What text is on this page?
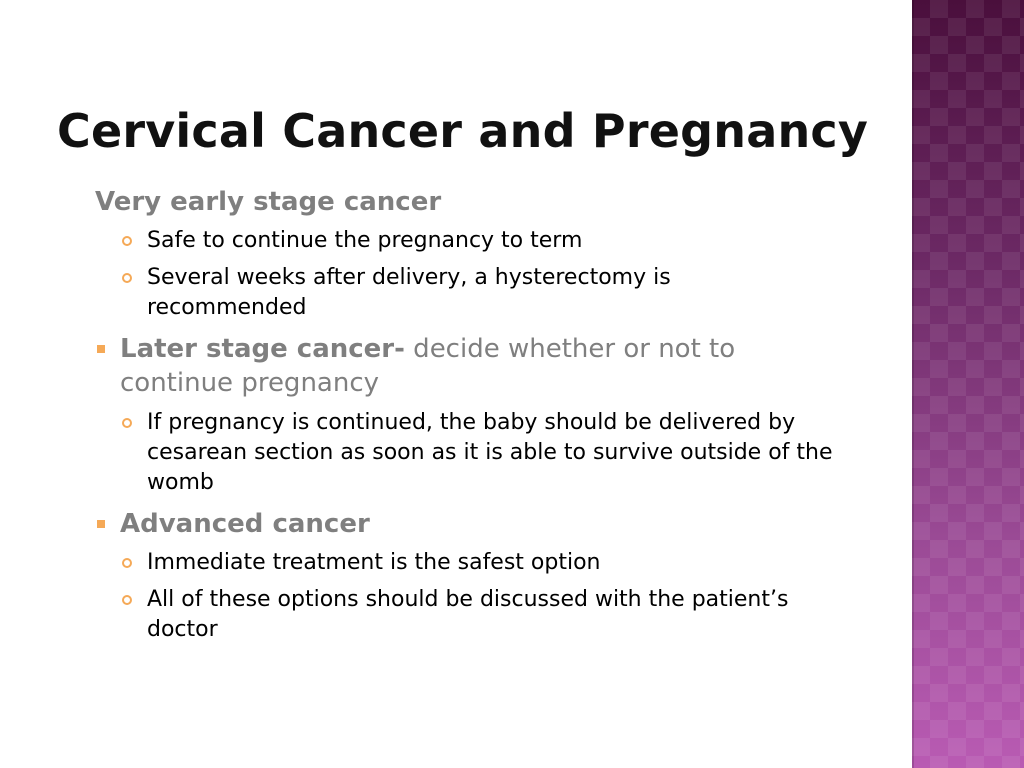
Cervical Cancer and Pregnancy
Very early stage cancer
Safe to continue the pregnancy to term
Several weeks after delivery, a hysterectomy is recommended
Later stage cancer- decide whether or not to continue pregnancy
If pregnancy is continued, the baby should be delivered by cesarean section as soon as it is able to survive outside of the womb
Advanced cancer
Immediate treatment is the safest option
All of these options should be discussed with the patient’s doctor
